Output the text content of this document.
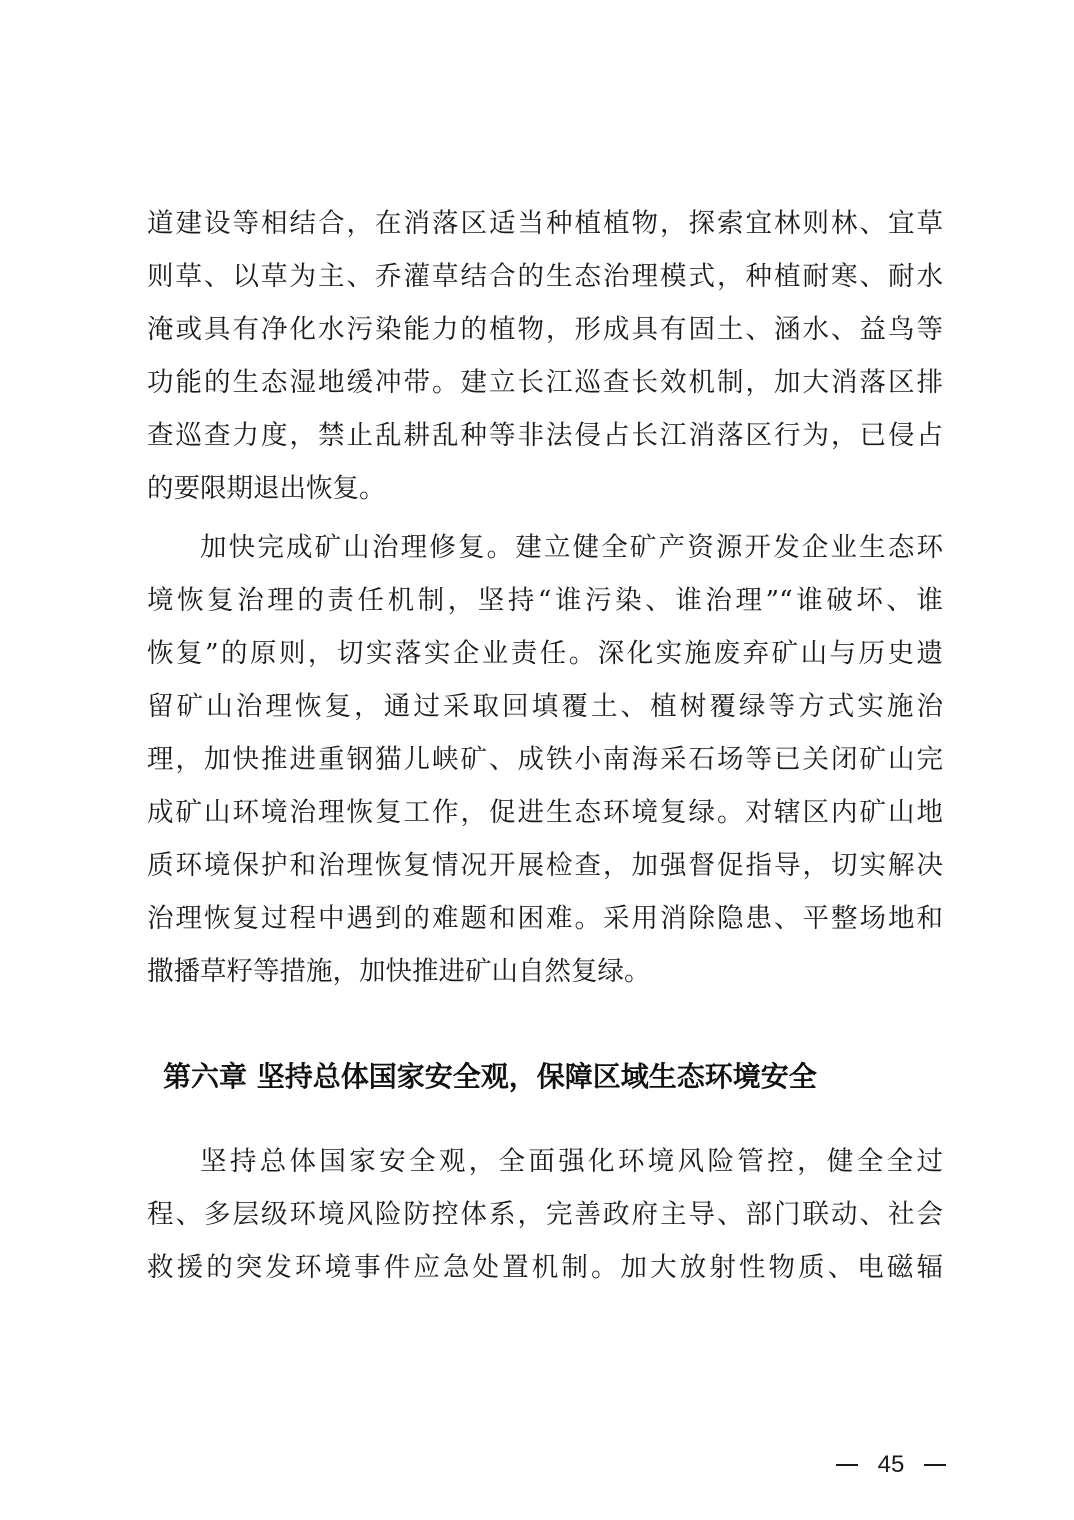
道建设等相结合，在消落区适当种植植物，探索宜林则林、宜草
则草、以草为主、乔灌草结合的生态治理模式，种植耐寒、耐水
淹或具有净化水污染能力的植物，形成具有固土、涵水、益鸟等
功能的生态湿地缓冲带。建立长江巡查长效机制，加大消落区排
查巡查力度，禁止乱耕乱种等非法侵占长江消落区行为，已侵占
的要限期退出恢复。
加快完成矿山治理修复。建立健全矿产资源开发企业生态环
境恢复治理的责任机制，坚持“谁污染、谁治理”“谁破坏、谁
恢复”的原则，切实落实企业责任。深化实施废弃矿山与历史遗
留矿山治理恢复，通过采取回填覆土、植树覆绿等方式实施治
理，加快推进重钢猫儿峡矿、成铁小南海采石场等已关闭矿山完
成矿山环境治理恢复工作，促进生态环境复绿。对辖区内矿山地
质环境保护和治理恢复情况开展检查，加强督促指导，切实解决
治理恢复过程中遇到的难题和困难。采用消除隐患、平整场地和
撒播草籽等措施，加快推进矿山自然复绿。
第六章 坚持总体国家安全观，保障区域生态环境安全
坚持总体国家安全观，全面强化环境风险管控，健全全过
程、多层级环境风险防控体系，完善政府主导、部门联动、社会
救援的突发环境事件应急处置机制。加大放射性物质、电磁辐
45
